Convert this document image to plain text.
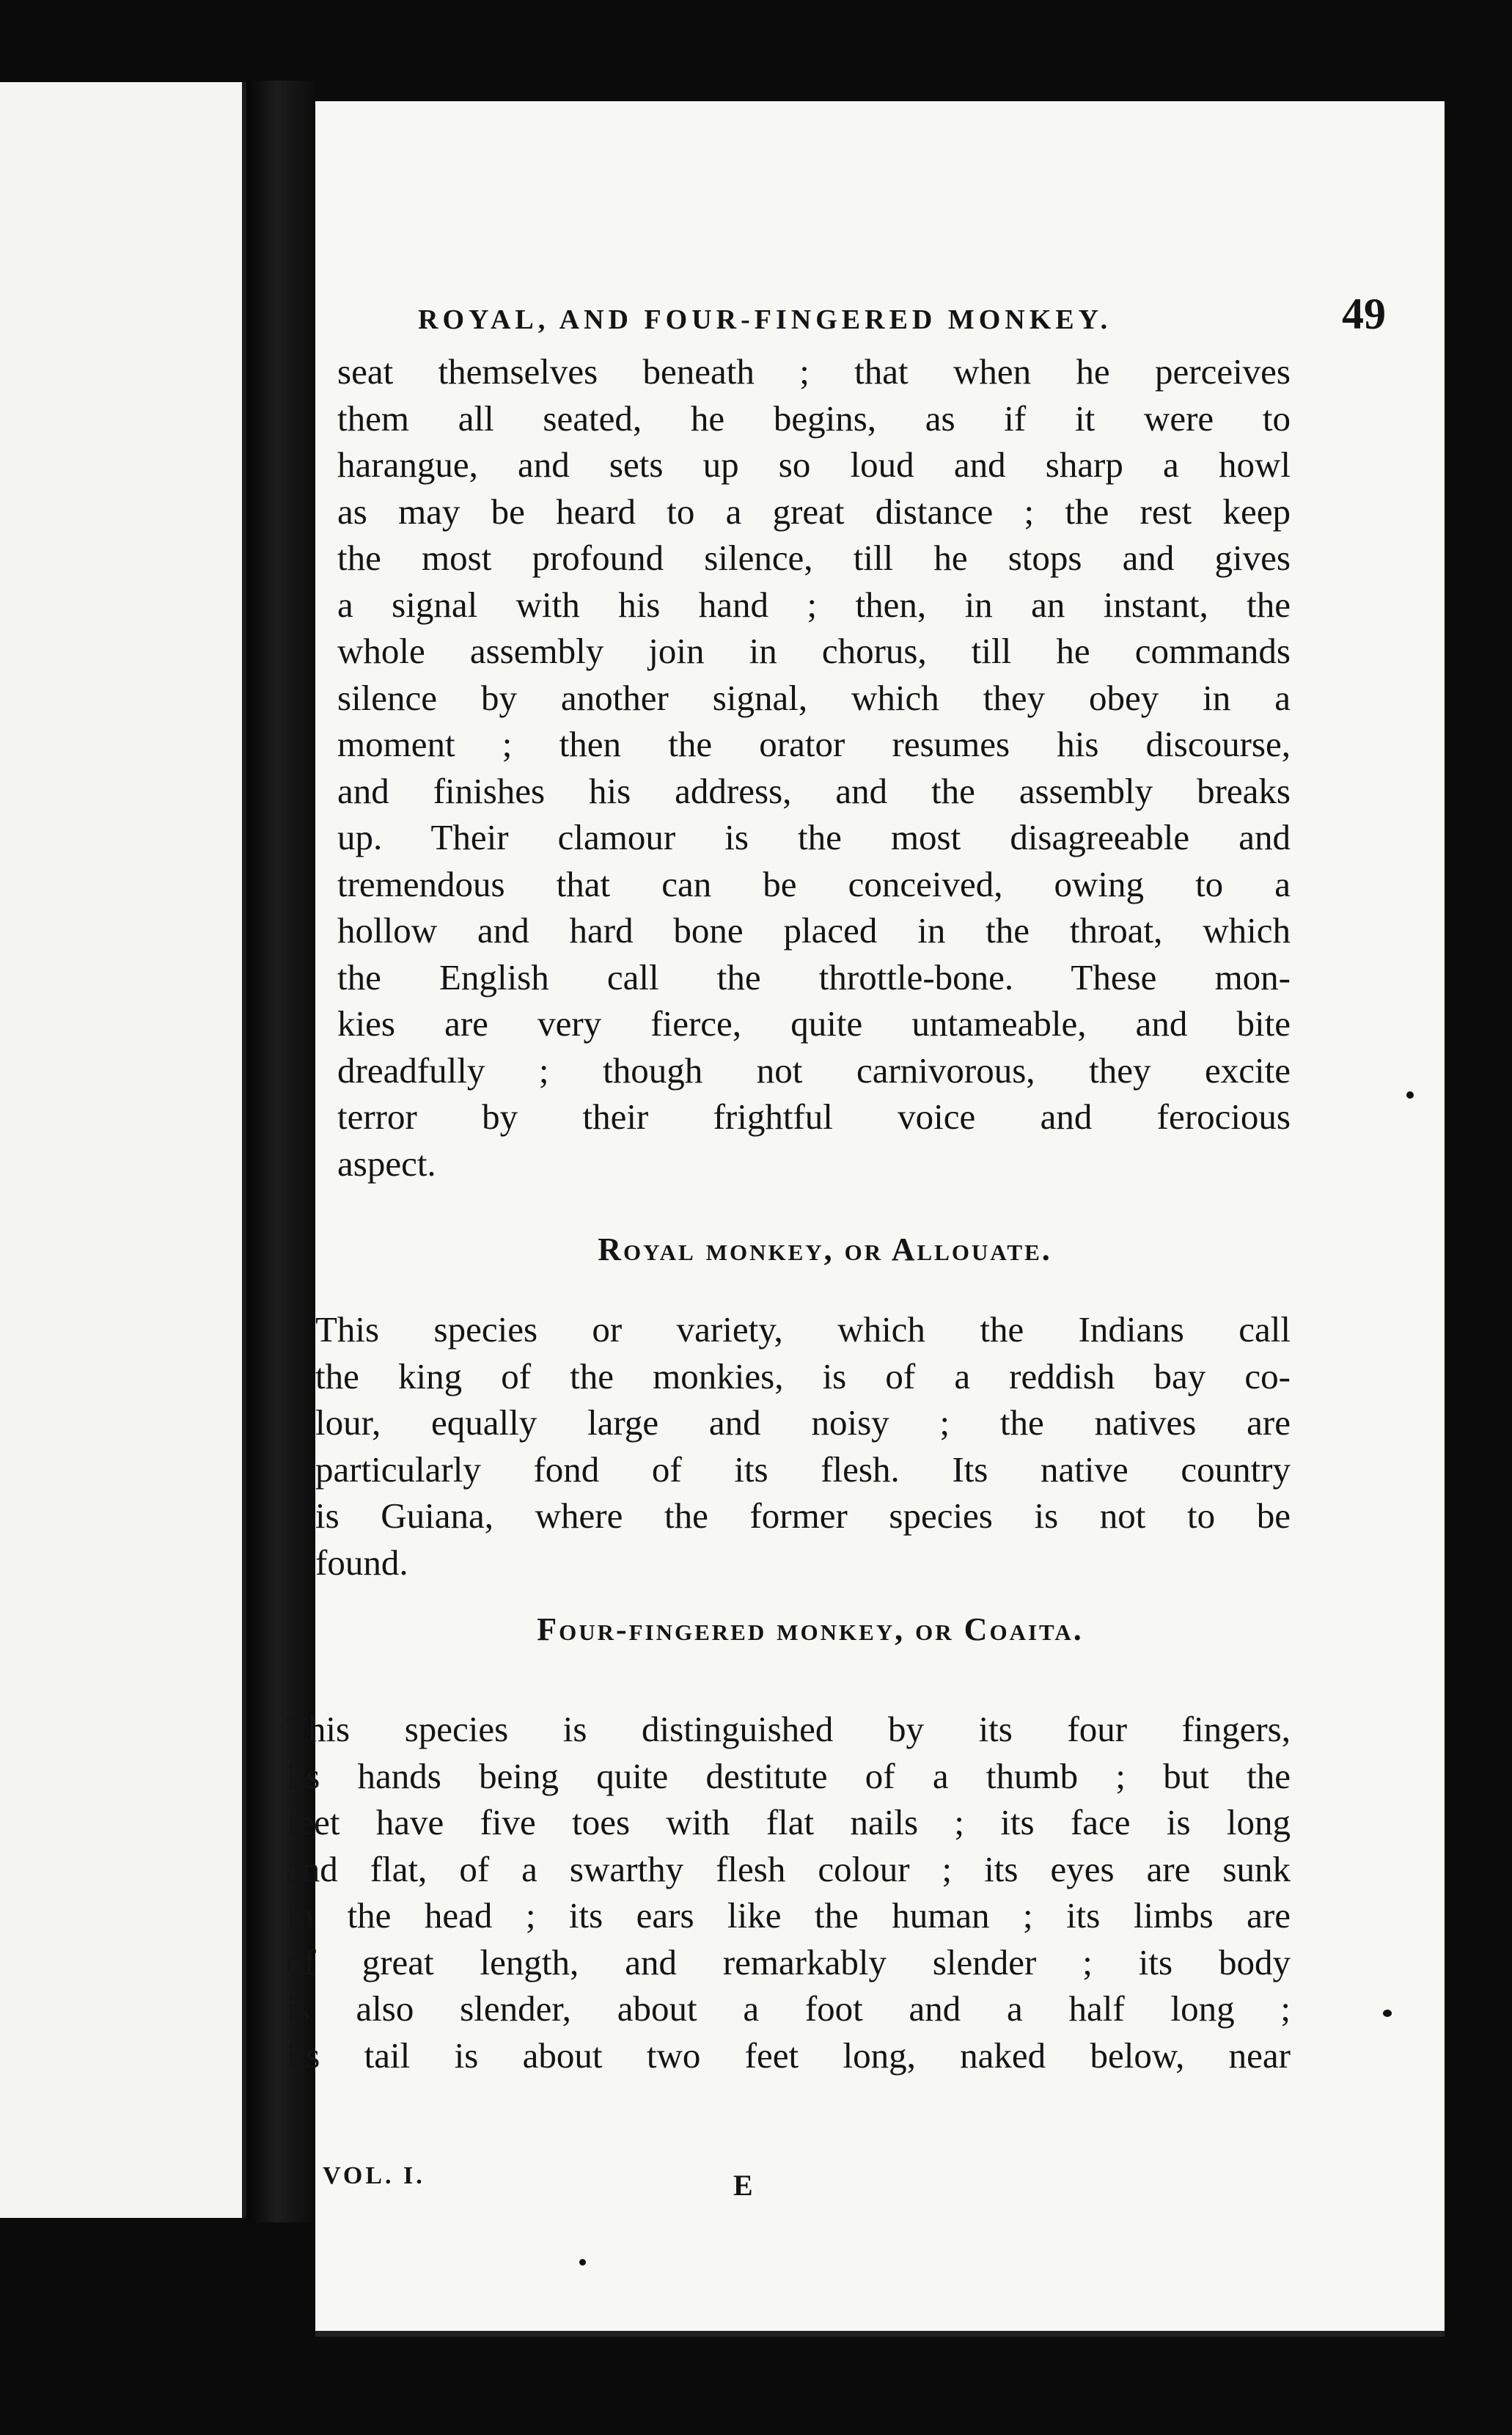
ROYAL, AND FOUR-FINGERED MONKEY.	49

seat themselves beneath ; that when he perceives
them all seated, he begins, as if it were to
harangue, and sets up so loud and sharp a howl
as may be heard to a great distance ; the rest keep
the most profound silence, till he stops and gives
a signal with his hand ; then, in an instant, the
whole assembly join in chorus, till he commands
silence by another signal, which they obey in a
moment ; then the orator resumes his discourse,
and finishes his address, and the assembly breaks
up. Their clamour is the most disagreeable and
tremendous that can be conceived, owing to a
hollow and hard bone placed in the throat, which
the English call the throttle-bone. These mon-
kies are very fierce, quite untameable, and bite
dreadfully ; though not carnivorous, they excite
terror by their frightful voice and ferocious
aspect.

Royal monkey, or Allouate.

This species or variety, which the Indians call
the king of the monkies, is of a reddish bay co-
lour, equally large and noisy ; the natives are
particularly fond of its flesh. Its native country
is Guiana, where the former species is not to be
found.

Four-fingered monkey, or Coaita.

This species is distinguished by its four fingers,
its hands being quite destitute of a thumb ; but the
feet have five toes with flat nails ; its face is long
and flat, of a swarthy flesh colour ; its eyes are sunk
in the head ; its ears like the human ; its limbs are
of great length, and remarkably slender ; its body
is also slender, about a foot and a half long ;
its tail is about two feet long, naked below, near

VOL. I.	E
